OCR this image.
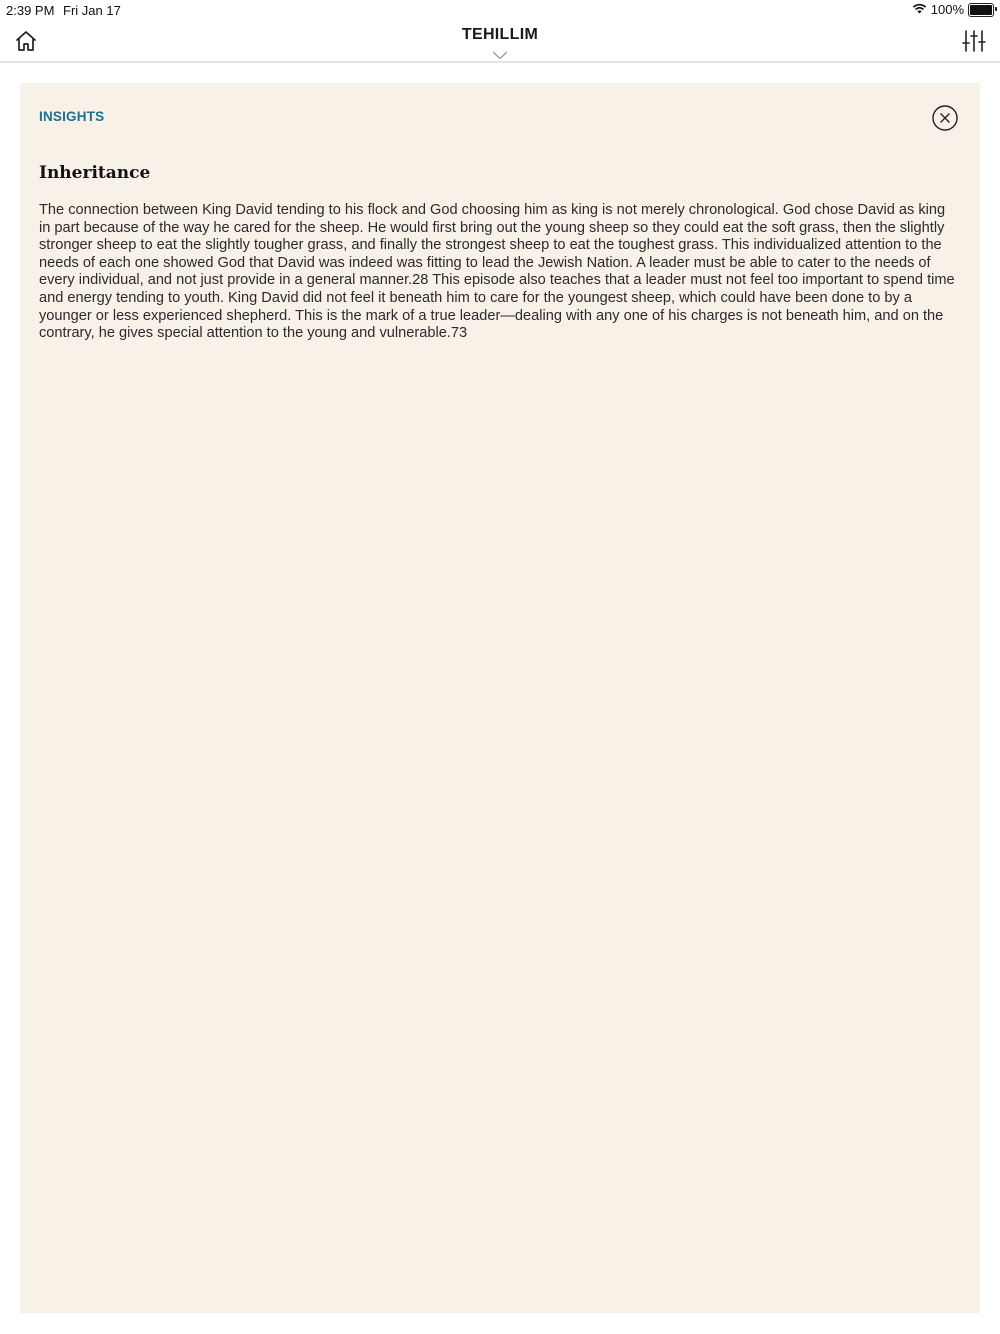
2:39 PM Fri Jan 17	100%
TEHILLIM
INSIGHTS
Inheritance

The connection between King David tending to his flock and God choosing him as king is not merely chronological. God chose David as king in part because of the way he cared for the sheep. He would first bring out the young sheep so they could eat the soft grass, then the slightly stronger sheep to eat the slightly tougher grass, and finally the strongest sheep to eat the toughest grass. This individualized attention to the needs of each one showed God that David was indeed was fitting to lead the Jewish Nation. A leader must be able to cater to the needs of every individual, and not just provide in a general manner.28 This episode also teaches that a leader must not feel too important to spend time and energy tending to youth. King David did not feel it beneath him to care for the youngest sheep, which could have been done to by a younger or less experienced shepherd. This is the mark of a true leader—dealing with any one of his charges is not beneath him, and on the contrary, he gives special attention to the young and vulnerable.73
